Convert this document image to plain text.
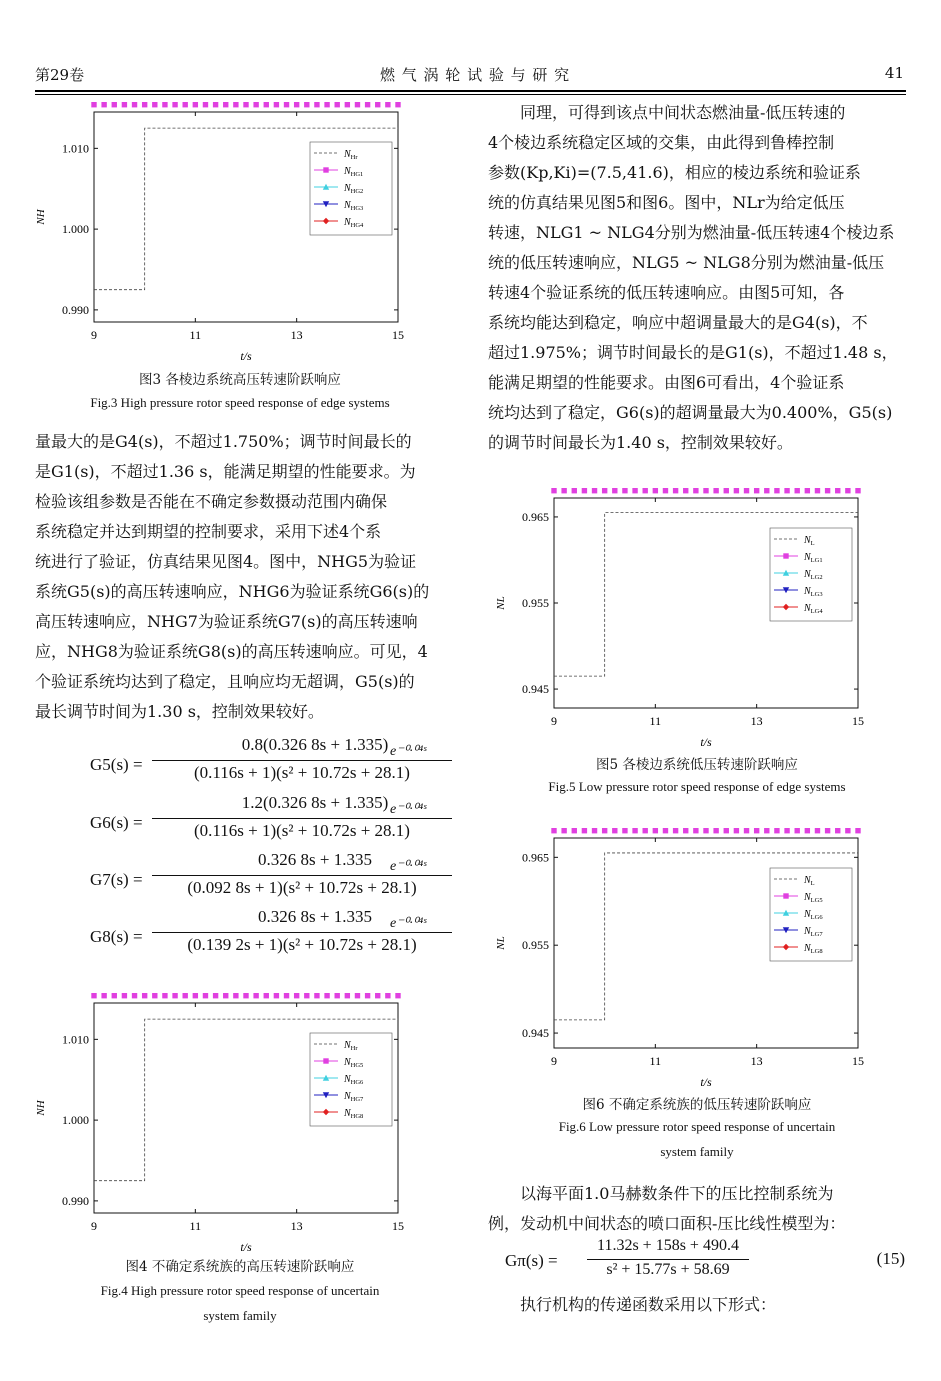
第29卷	燃 气 涡 轮 试 验 与 研 究	41
9	11	13	15
0.990
1.000
1.010
t/s
NH
$N_{Hr}$
$N_{HG1}$
$N_{HG2}$
$N_{HG3}$
$N_{HG4}$
图3 各棱边系统高压转速阶跃响应
Fig.3 High pressure rotor speed response of edge systems

量最大的是G4(s)，不超过1.750%；调节时间最长的

是G1(s)，不超过1.36 s，能满足期望的性能要求。为

检验该组参数是否能在不确定参数摄动范围内确保

系统稳定并达到期望的控制要求，采用下述4个系

统进行了验证，仿真结果见图4。图中，NHG5为验证

系统G5(s)的高压转速响应，NHG6为验证系统G6(s)的

高压转速响应，NHG7为验证系统G7(s)的高压转速响

应，NHG8为验证系统G8(s)的高压转速响应。可见，4

个验证系统均达到了稳定，且响应均无超调，G5(s)的

最长调节时间为1.30 s，控制效果较好。

G5(s) =
0.8(0.326 8s + 1.335)
(0.116s + 1)(s² + 10.72s + 28.1)
e⁻⁰·⁰⁴ˢ
G6(s) =
1.2(0.326 8s + 1.335)
(0.116s + 1)(s² + 10.72s + 28.1)
e⁻⁰·⁰⁴ˢ
G7(s) =
0.326 8s + 1.335
(0.092 8s + 1)(s² + 10.72s + 28.1)
e⁻⁰·⁰⁴ˢ
G8(s) =
0.326 8s + 1.335
(0.139 2s + 1)(s² + 10.72s + 28.1)
e⁻⁰·⁰⁴ˢ
9	11	13	15
0.990
1.000
1.010
t/s
NH
$N_{Hr}$
$N_{HG5}$
$N_{HG6}$
$N_{HG7}$
$N_{HG8}$
图4 不确定系统族的高压转速阶跃响应
Fig.4 High pressure rotor speed response of uncertain
system family

同理，可得到该点中间状态燃油量-低压转速的

4个棱边系统稳定区域的交集，由此得到鲁棒控制

参数(Kp,Ki)=(7.5,41.6)，相应的棱边系统和验证系

统的仿真结果见图5和图6。图中，NLr为给定低压

转速，NLG1 ~ NLG4分别为燃油量-低压转速4个棱边系

统的低压转速响应，NLG5 ~ NLG8分别为燃油量-低压

转速4个验证系统的低压转速响应。由图5可知，各

系统均能达到稳定，响应中超调量最大的是G4(s)，不

超过1.975%；调节时间最长的是G1(s)，不超过1.48 s，

能满足期望的性能要求。由图6可看出，4个验证系

统均达到了稳定，G6(s)的超调量最大为0.400%，G5(s)

的调节时间最长为1.40 s，控制效果较好。

9	11	13	15
0.945
0.955
0.965
t/s
NL
$N_L$
$N_{LG1}$
$N_{LG2}$
$N_{LG3}$
$N_{LG4}$
图5 各棱边系统低压转速阶跃响应
Fig.5 Low pressure rotor speed response of edge systems
9	11	13	15
0.945
0.955
0.965
t/s
NL
$N_L$
$N_{LG5}$
$N_{LG6}$
$N_{LG7}$
$N_{LG8}$
图6 不确定系统族的低压转速阶跃响应
Fig.6 Low pressure rotor speed response of uncertain
system family

以海平面1.0马赫数条件下的压比控制系统为

例，发动机中间状态的喷口面积-压比线性模型为：

Gπ(s) =
11.32s + 158s + 490.4
s² + 15.77s + 58.69
(15)
执行机构的传递函数采用以下形式：
